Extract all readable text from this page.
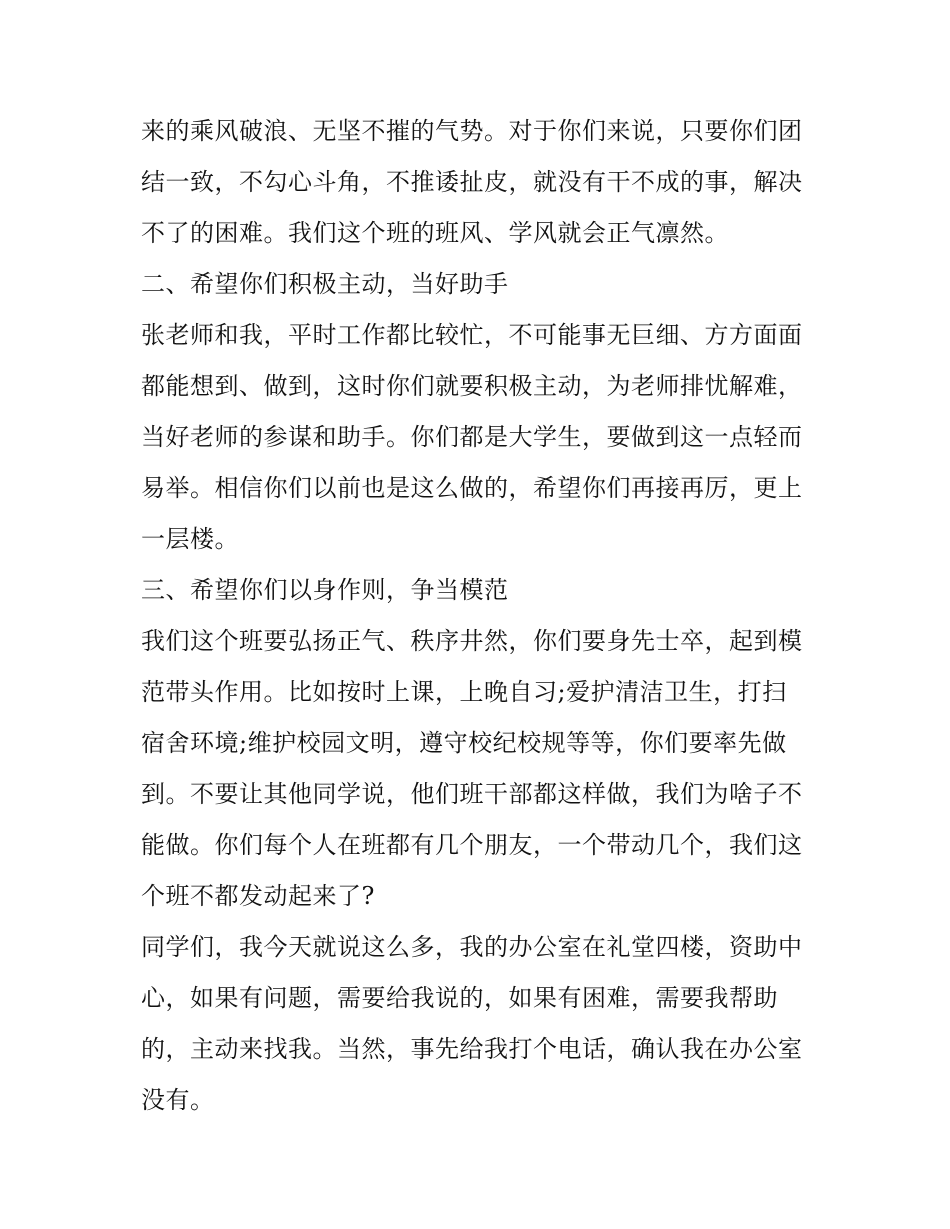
来的乘风破浪、无坚不摧的气势。对于你们来说，只要你们团
结一致，不勾心斗角，不推诿扯皮，就没有干不成的事，解决
不了的困难。我们这个班的班风、学风就会正气凛然。
二、希望你们积极主动，当好助手
张老师和我，平时工作都比较忙，不可能事无巨细、方方面面
都能想到、做到，这时你们就要积极主动，为老师排忧解难，
当好老师的参谋和助手。你们都是大学生，要做到这一点轻而
易举。相信你们以前也是这么做的，希望你们再接再厉，更上
一层楼。
三、希望你们以身作则，争当模范
我们这个班要弘扬正气、秩序井然，你们要身先士卒，起到模
范带头作用。比如按时上课，上晚自习;爱护清洁卫生，打扫
宿舍环境;维护校园文明，遵守校纪校规等等，你们要率先做
到。不要让其他同学说，他们班干部都这样做，我们为啥子不
能做。你们每个人在班都有几个朋友，一个带动几个，我们这
个班不都发动起来了?
同学们，我今天就说这么多，我的办公室在礼堂四楼，资助中
心，如果有问题，需要给我说的，如果有困难，需要我帮助
的，主动来找我。当然，事先给我打个电话，确认我在办公室
没有。
